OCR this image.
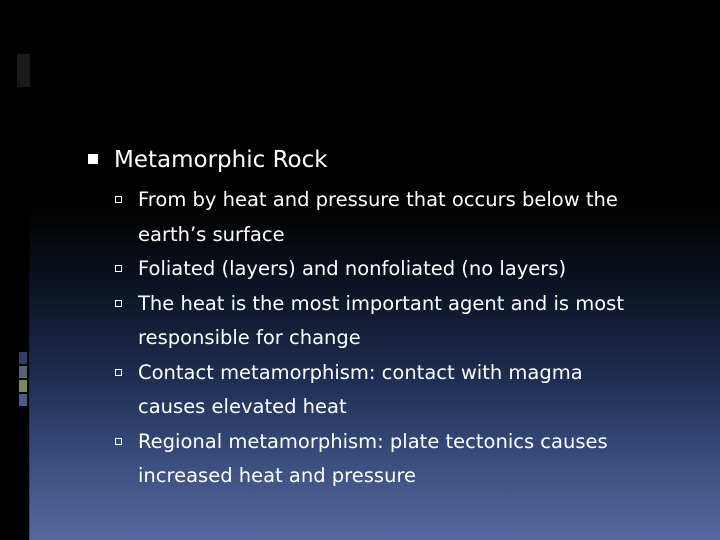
Metamorphic Rock
From by heat and pressure that occurs below the
earth’s surface
Foliated (layers) and nonfoliated (no layers)
The heat is the most important agent and is most
responsible for change
Contact metamorphism: contact with magma
causes elevated heat
Regional metamorphism: plate tectonics causes
increased heat and pressure
